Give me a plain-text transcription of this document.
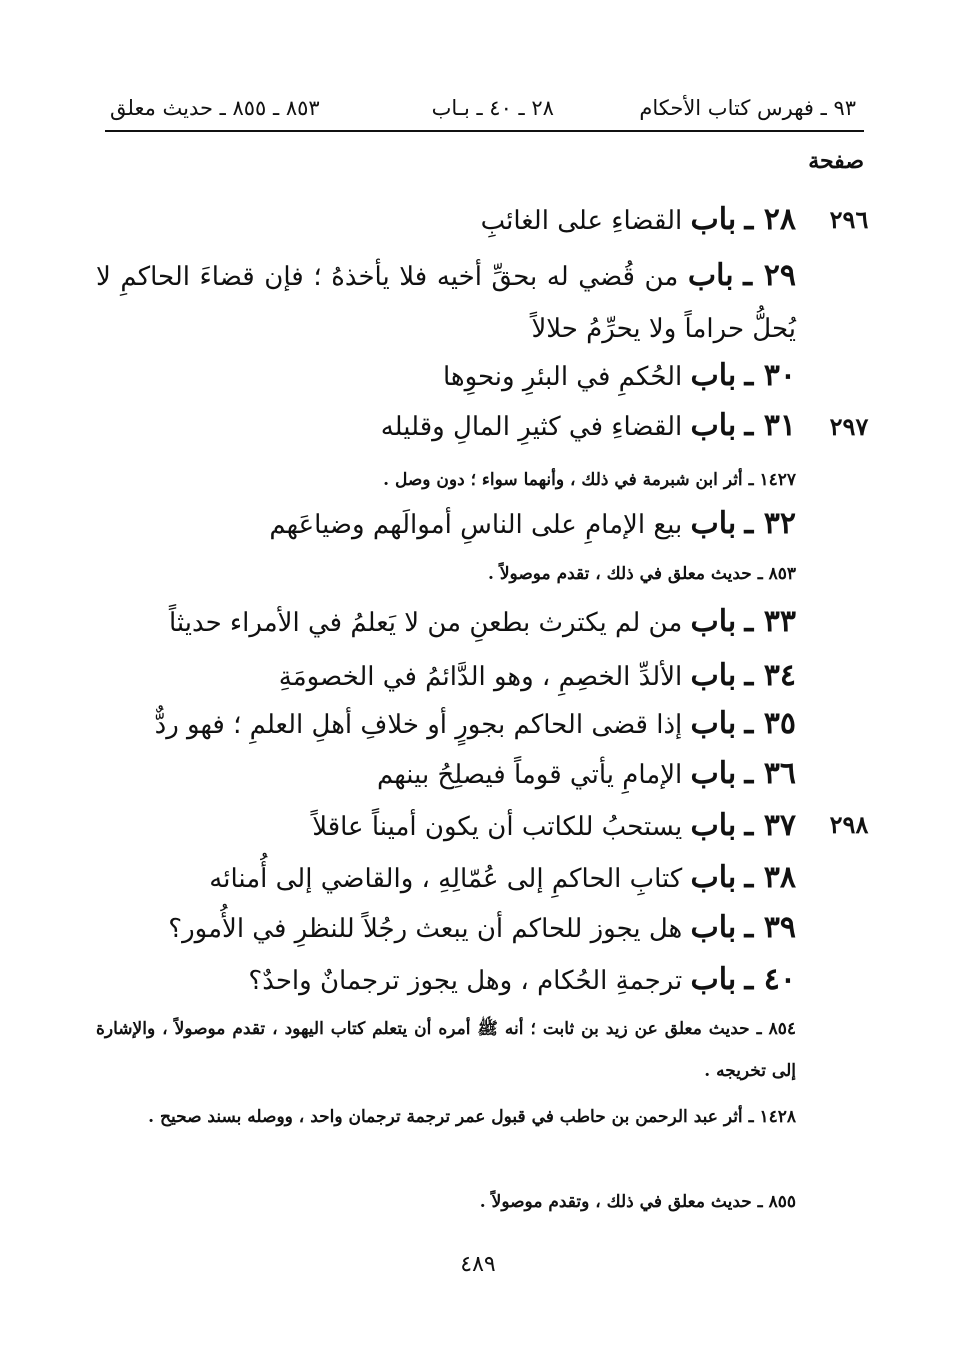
٩٣ ـ فهرس كتاب الأحكام
٢٨ ـ ٤٠ ـ بـاب
٨٥٣ ـ ٨٥٥ ـ حديث معلق
صفحة
٢٩٦
٢٩٧
٢٩٨
٢٨ ـ باب القضاءِ على الغائبِ
٢٩ ـ باب من قُضي له بحقِّ أخيه فلا يأخذهُ ؛ فإن قضاءَ الحاكمِ لا يُحلُّ حراماً ولا يحرِّمُ حلالاً
٣٠ ـ باب الحُكمِ في البئرِ ونحوِها
٣١ ـ باب القضاءِ في كثيرِ المالِ وقليله
١٤٢٧ ـ أثر ابن شبرمة في ذلك ، وأنهما سواء ؛ دون وصل .
٣٢ ـ باب بيع الإمامِ على الناسِ أموالَهم وضياعَهم
٨٥٣ ـ حديث معلق في ذلك ، تقدم موصولاً .
٣٣ ـ باب من لم يكترث بطعنِ من لا يَعلمُ في الأمراء حديثاً
٣٤ ـ باب الألدِّ الخصِمِ ، وهو الدَّائمُ في الخصومَةِ
٣٥ ـ باب إذا قضى الحاكم بجورٍ أو خلافِ أهلِ العلمِ ؛ فهو ردٌّ
٣٦ ـ باب الإمامِ يأتي قوماً فيصلِحُ بينهم
٣٧ ـ باب يستحبُ للكاتب أن يكون أميناً عاقلاً
٣٨ ـ باب كتابِ الحاكمِ إلى عُمّالِهِ ، والقاضي إلى أُمنائه
٣٩ ـ باب هل يجوز للحاكم أن يبعث رجُلاً للنظرِ في الأُمور؟
٤٠ ـ باب ترجمةِ الحُكام ، وهل يجوز ترجمانٌ واحدٌ؟
٨٥٤ ـ حديث معلق عن زيد بن ثابت ؛ أنه ﷺ أمره أن يتعلم كتاب اليهود ، تقدم موصولاً ، والإشارة إلى تخريجه .
١٤٢٨ ـ أثر عبد الرحمن بن حاطب في قبول عمر ترجمة ترجمان واحد ، ووصله بسند صحيح .
٨٥٥ ـ حديث معلق في ذلك ، وتقدم موصولاً .
٤٨٩
